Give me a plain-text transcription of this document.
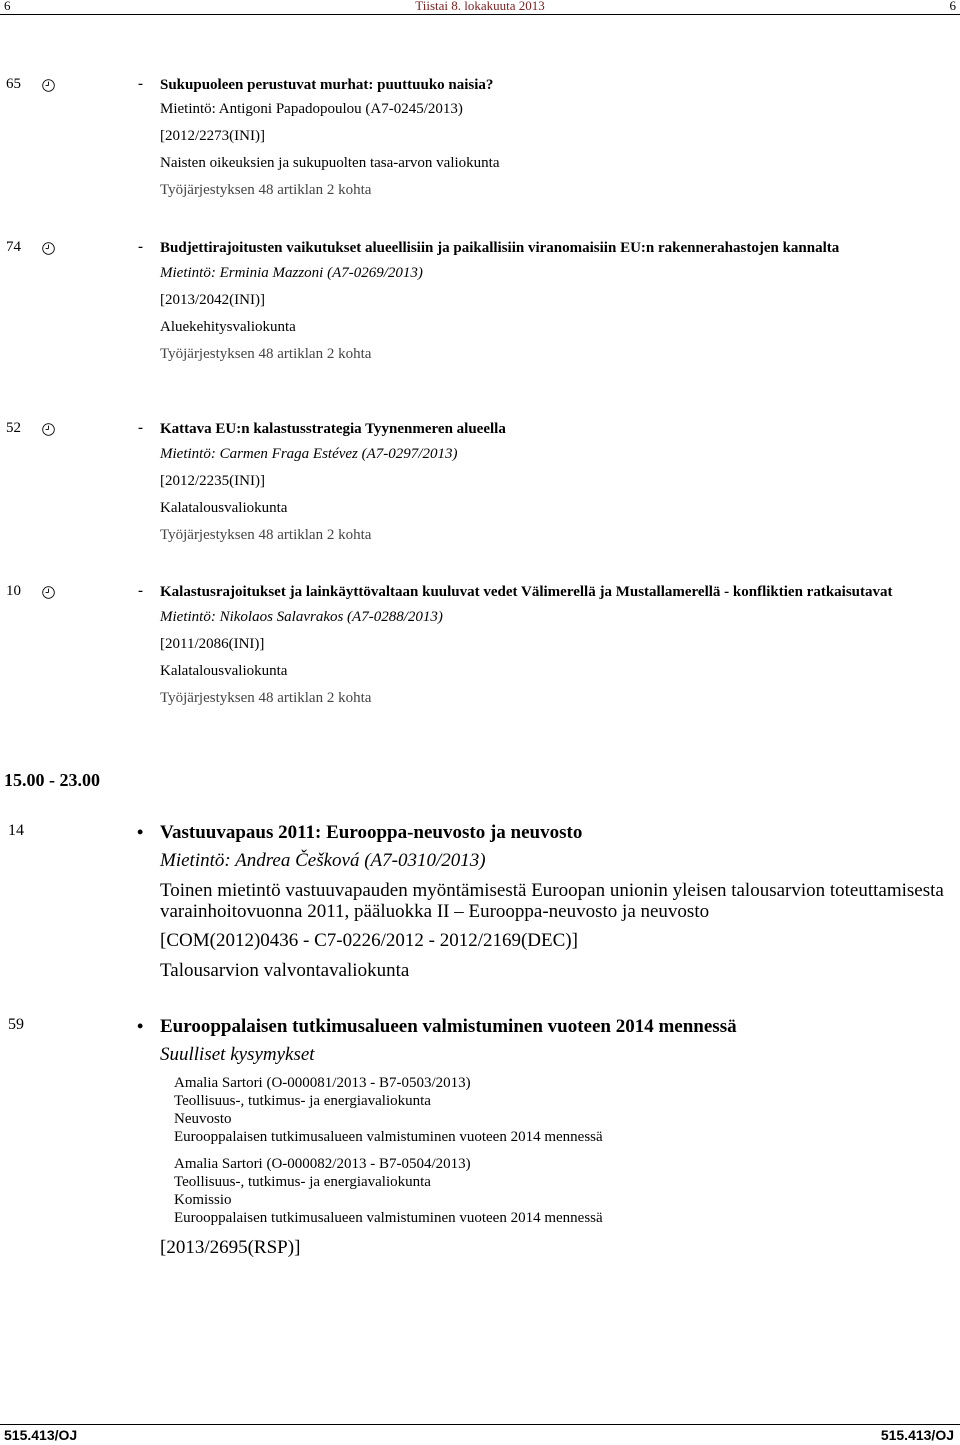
6	Tiistai 8. lokakuuta 2013	6
65	- Sukupuoleen perustuvat murhat: puuttuuko naisia?
Mietintö: Antigoni Papadopoulou (A7-0245/2013)
[2012/2273(INI)]
Naisten oikeuksien ja sukupuolten tasa-arvon valiokunta
Työjärjestyksen 48 artiklan 2 kohta
74	- Budjettirajoitusten vaikutukset alueellisiin ja paikallisiin viranomaisiin EU:n rakennerahastojen kannalta
Mietintö: Erminia Mazzoni (A7-0269/2013)
[2013/2042(INI)]
Aluekehitysvaliokunta
Työjärjestyksen 48 artiklan 2 kohta
52	- Kattava EU:n kalastusstrategia Tyynenmeren alueella
Mietintö: Carmen Fraga Estévez (A7-0297/2013)
[2012/2235(INI)]
Kalatalousvaliokunta
Työjärjestyksen 48 artiklan 2 kohta
10	- Kalastusrajoitukset ja lainkäyttövaltaan kuuluvat vedet Välimerellä ja Mustallamerellä - konfliktien ratkaisutavat
Mietintö: Nikolaos Salavrakos (A7-0288/2013)
[2011/2086(INI)]
Kalatalousvaliokunta
Työjärjestyksen 48 artiklan 2 kohta
15.00 - 23.00
14	• Vastuuvapaus 2011: Eurooppa-neuvosto ja neuvosto
Mietintö: Andrea Češková (A7-0310/2013)
Toinen mietintö vastuuvapauden myöntämisestä Euroopan unionin yleisen talousarvion toteuttamisesta varainhoitovuonna 2011, pääluokka II – Eurooppa-neuvosto ja neuvosto
[COM(2012)0436 - C7-0226/2012 - 2012/2169(DEC)]
Talousarvion valvontavaliokunta
59	• Eurooppalaisen tutkimusalueen valmistuminen vuoteen 2014 mennessä
Suulliset kysymykset
Amalia Sartori (O-000081/2013 - B7-0503/2013)
Teollisuus-, tutkimus- ja energiavaliokunta
Neuvosto
Eurooppalaisen tutkimusalueen valmistuminen vuoteen 2014 mennessä
Amalia Sartori (O-000082/2013 - B7-0504/2013)
Teollisuus-, tutkimus- ja energiavaliokunta
Komissio
Eurooppalaisen tutkimusalueen valmistuminen vuoteen 2014 mennessä
[2013/2695(RSP)]
515.413/OJ	515.413/OJ
